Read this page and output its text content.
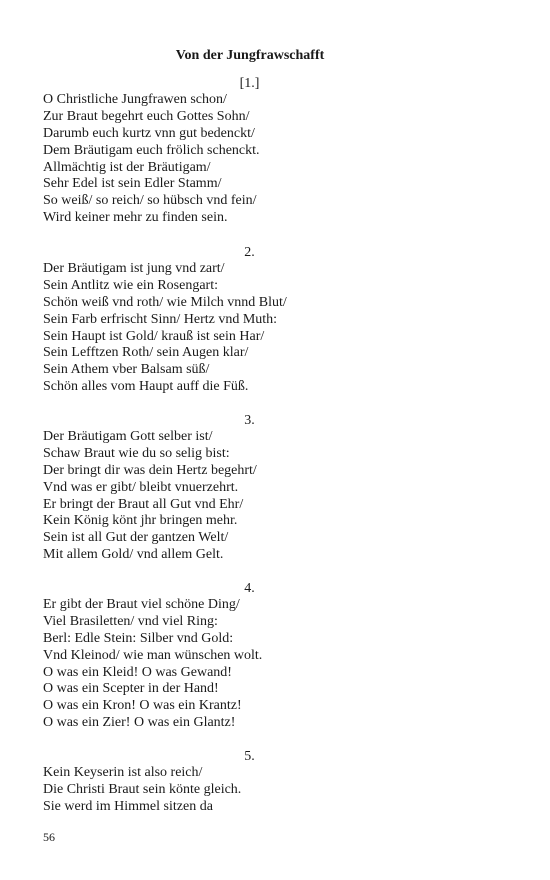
Von der Jungfrawschafft
[1.]
O Christliche Jungfrawen schon/
Zur Braut begehrt euch Gottes Sohn/
Darumb euch kurtz vnn gut bedenckt/
Dem Bräutigam euch frölich schenckt.
Allmächtig ist der Bräutigam/
Sehr Edel ist sein Edler Stamm/
So weiß/ so reich/ so hübsch vnd fein/
Wird keiner mehr zu finden sein.
2.
Der Bräutigam ist jung vnd zart/
Sein Antlitz wie ein Rosengart:
Schön weiß vnd roth/ wie Milch vnnd Blut/
Sein Farb erfrischt Sinn/ Hertz vnd Muth:
Sein Haupt ist Gold/ krauß ist sein Har/
Sein Lefftzen Roth/ sein Augen klar/
Sein Athem vber Balsam süß/
Schön alles vom Haupt auff die Füß.
3.
Der Bräutigam Gott selber ist/
Schaw Braut wie du so selig bist:
Der bringt dir was dein Hertz begehrt/
Vnd was er gibt/ bleibt vnuerzehrt.
Er bringt der Braut all Gut vnd Ehr/
Kein König könt jhr bringen mehr.
Sein ist all Gut der gantzen Welt/
Mit allem Gold/ vnd allem Gelt.
4.
Er gibt der Braut viel schöne Ding/
Viel Brasiletten/ vnd viel Ring:
Berl: Edle Stein: Silber vnd Gold:
Vnd Kleinod/ wie man wünschen wolt.
O was ein Kleid! O was Gewand!
O was ein Scepter in der Hand!
O was ein Kron! O was ein Krantz!
O was ein Zier! O was ein Glantz!
5.
Kein Keyserin ist also reich/
Die Christi Braut sein könte gleich.
Sie werd im Himmel sitzen da
56
